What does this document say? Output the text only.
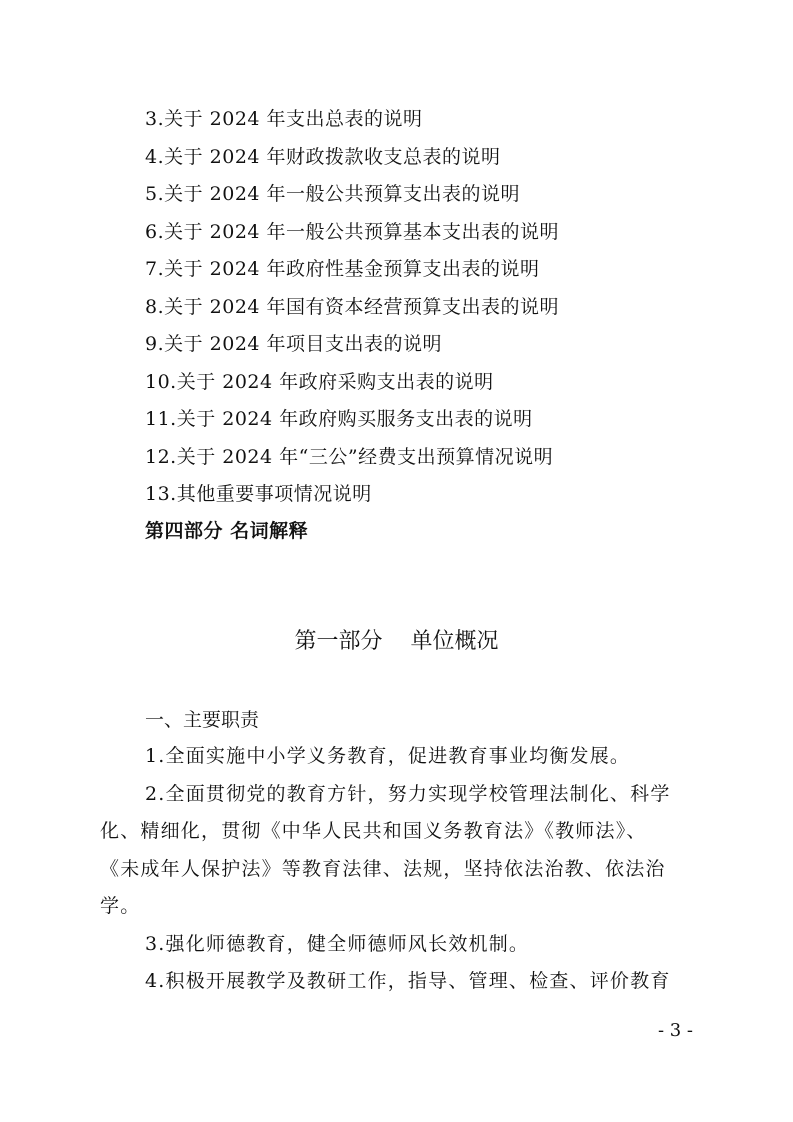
3.关于 2024 年支出总表的说明
4.关于 2024 年财政拨款收支总表的说明
5.关于 2024 年一般公共预算支出表的说明
6.关于 2024 年一般公共预算基本支出表的说明
7.关于 2024 年政府性基金预算支出表的说明
8.关于 2024 年国有资本经营预算支出表的说明
9.关于 2024 年项目支出表的说明
10.关于 2024 年政府采购支出表的说明
11.关于 2024 年政府购买服务支出表的说明
12.关于 2024 年“三公”经费支出预算情况说明
13.其他重要事项情况说明
第四部分 名词解释
第一部分    单位概况
一、主要职责
1.全面实施中小学义务教育，促进教育事业均衡发展。
2.全面贯彻党的教育方针，努力实现学校管理法制化、科学
化、精细化，贯彻《中华人民共和国义务教育法》《教师法》、
《未成年人保护法》等教育法律、法规，坚持依法治教、依法治
学。
3.强化师德教育，健全师德师风长效机制。
4.积极开展教学及教研工作，指导、管理、检查、评价教育
- 3 -
